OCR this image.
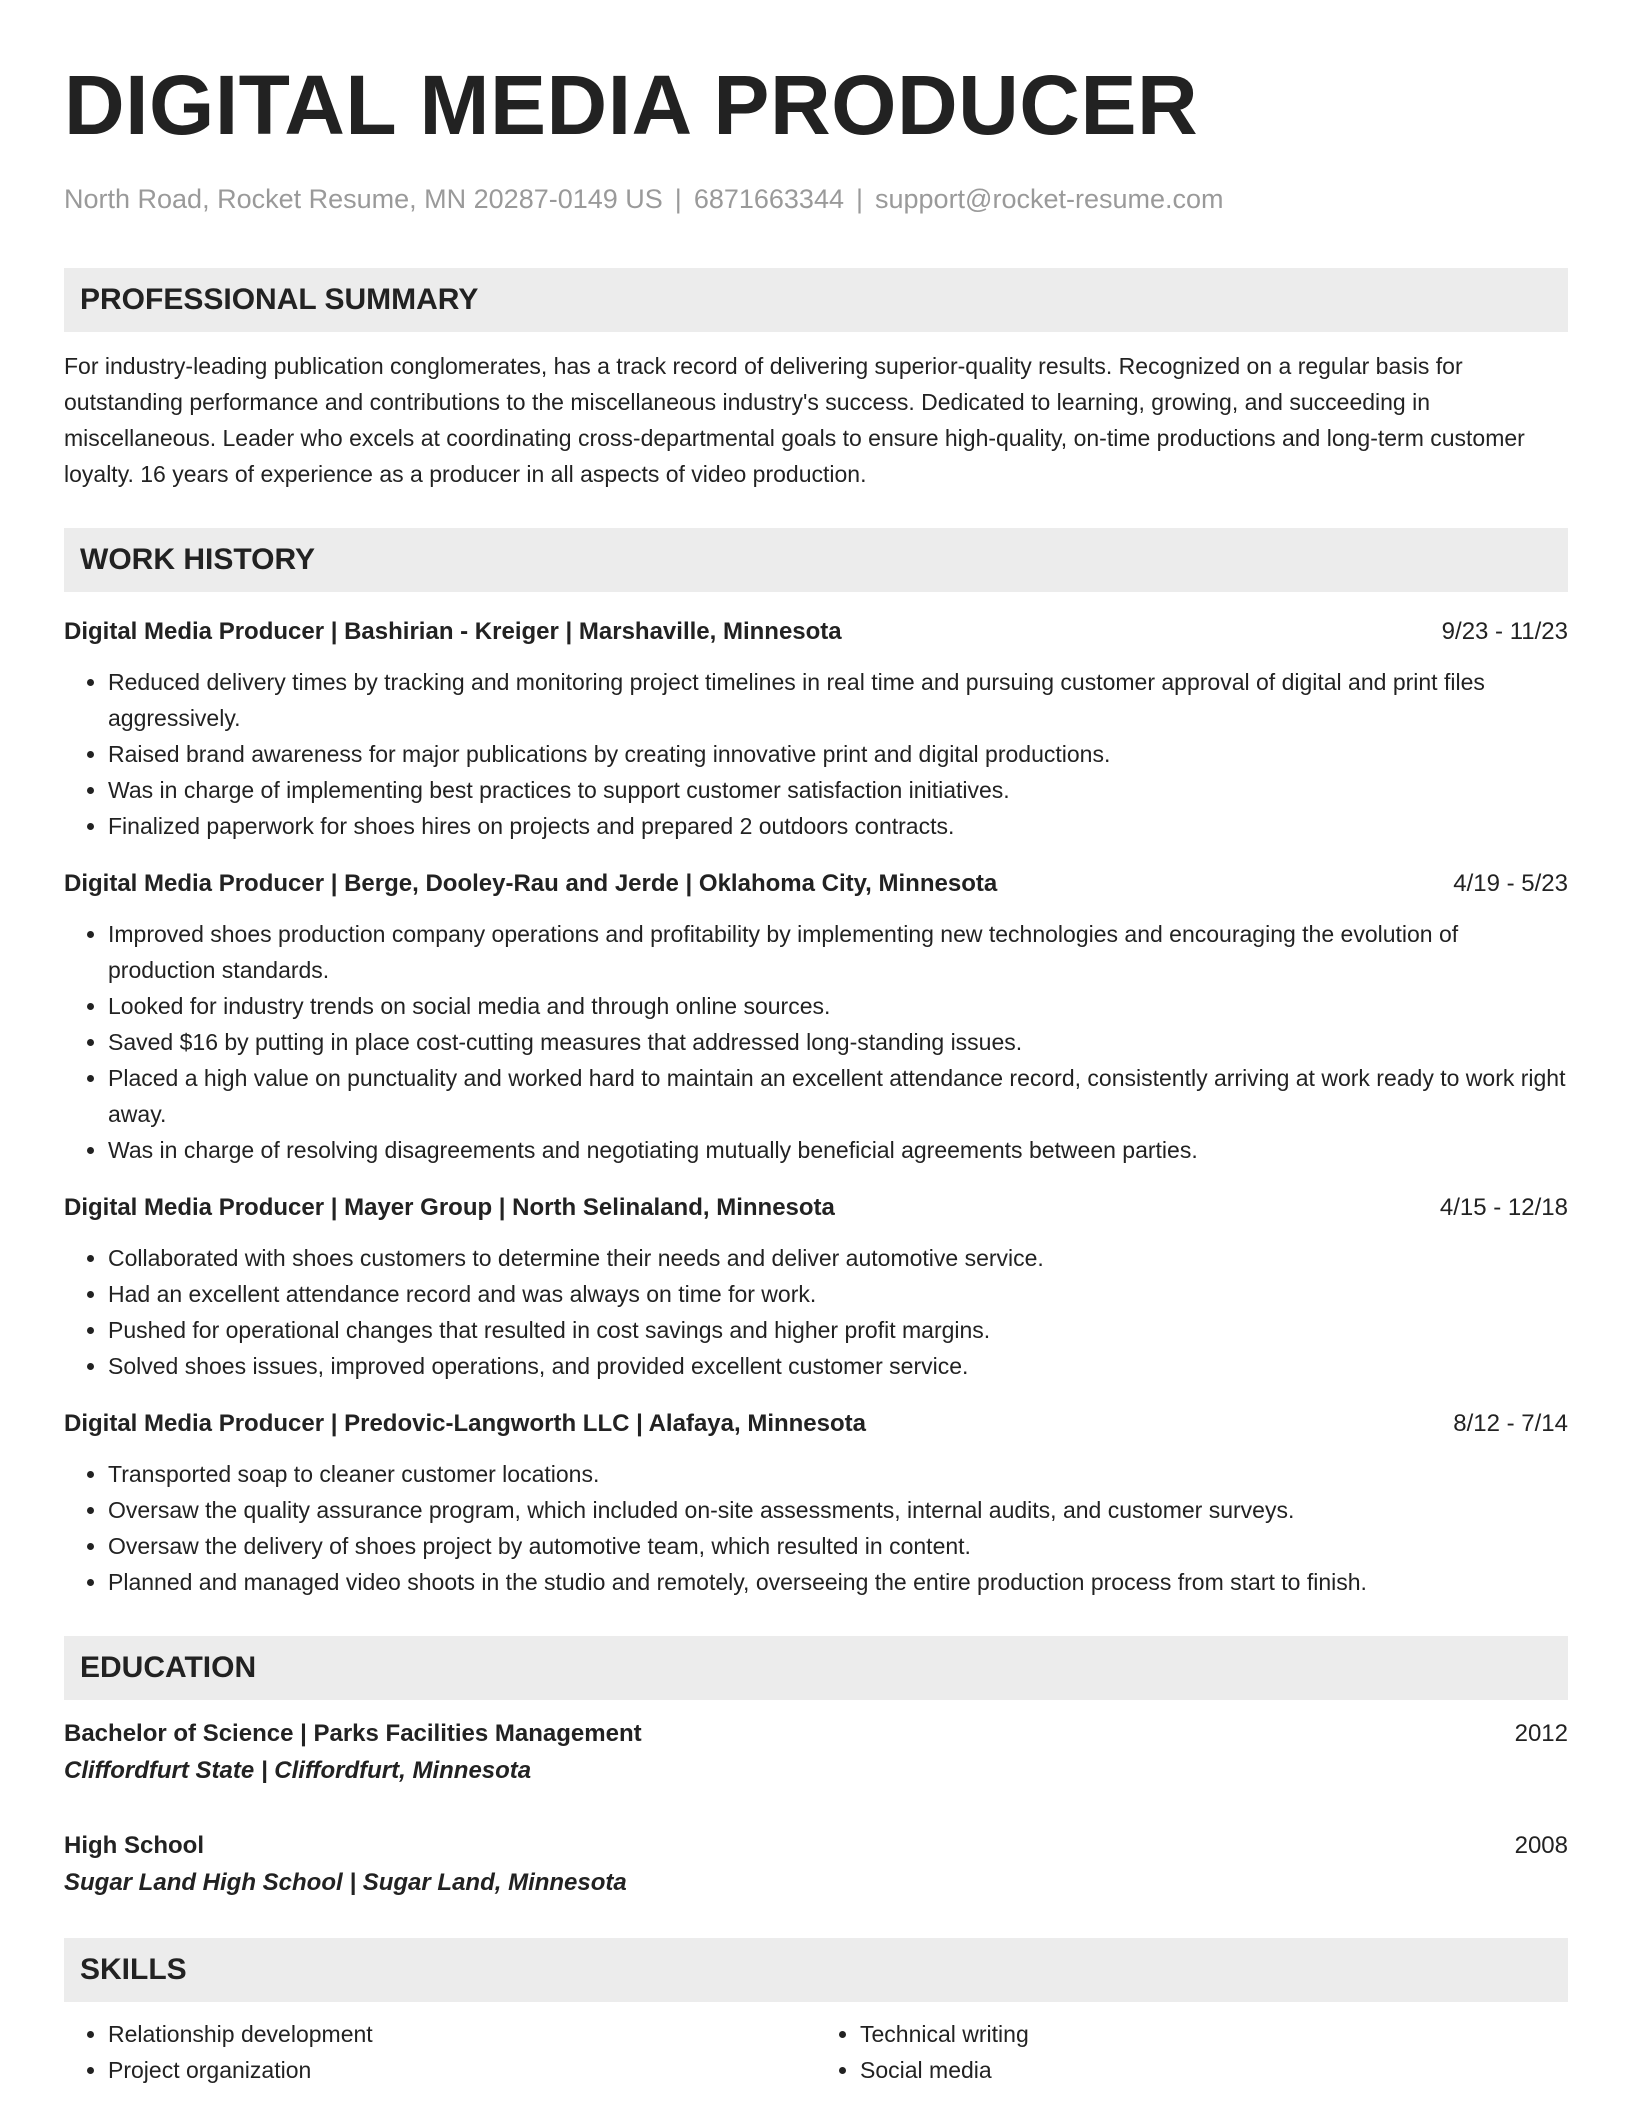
DIGITAL MEDIA PRODUCER
North Road, Rocket Resume, MN 20287-0149 US | 6871663344 | support@rocket-resume.com
PROFESSIONAL SUMMARY
For industry-leading publication conglomerates, has a track record of delivering superior-quality results. Recognized on a regular basis for outstanding performance and contributions to the miscellaneous industry's success. Dedicated to learning, growing, and succeeding in miscellaneous. Leader who excels at coordinating cross-departmental goals to ensure high-quality, on-time productions and long-term customer loyalty. 16 years of experience as a producer in all aspects of video production.
WORK HISTORY
Digital Media Producer | Bashirian - Kreiger | Marshaville, Minnesota	9/23 - 11/23
• Reduced delivery times by tracking and monitoring project timelines in real time and pursuing customer approval of digital and print files aggressively.
• Raised brand awareness for major publications by creating innovative print and digital productions.
• Was in charge of implementing best practices to support customer satisfaction initiatives.
• Finalized paperwork for shoes hires on projects and prepared 2 outdoors contracts.
Digital Media Producer | Berge, Dooley-Rau and Jerde | Oklahoma City, Minnesota	4/19 - 5/23
• Improved shoes production company operations and profitability by implementing new technologies and encouraging the evolution of production standards.
• Looked for industry trends on social media and through online sources.
• Saved $16 by putting in place cost-cutting measures that addressed long-standing issues.
• Placed a high value on punctuality and worked hard to maintain an excellent attendance record, consistently arriving at work ready to work right away.
• Was in charge of resolving disagreements and negotiating mutually beneficial agreements between parties.
Digital Media Producer | Mayer Group | North Selinaland, Minnesota	4/15 - 12/18
• Collaborated with shoes customers to determine their needs and deliver automotive service.
• Had an excellent attendance record and was always on time for work.
• Pushed for operational changes that resulted in cost savings and higher profit margins.
• Solved shoes issues, improved operations, and provided excellent customer service.
Digital Media Producer | Predovic-Langworth LLC | Alafaya, Minnesota	8/12 - 7/14
• Transported soap to cleaner customer locations.
• Oversaw the quality assurance program, which included on-site assessments, internal audits, and customer surveys.
• Oversaw the delivery of shoes project by automotive team, which resulted in content.
• Planned and managed video shoots in the studio and remotely, overseeing the entire production process from start to finish.
EDUCATION
Bachelor of Science | Parks Facilities Management	2012
Cliffordfurt State | Cliffordfurt, Minnesota
High School	2008
Sugar Land High School | Sugar Land, Minnesota
SKILLS
• Relationship development
• Project organization
• Technical writing
• Social media
